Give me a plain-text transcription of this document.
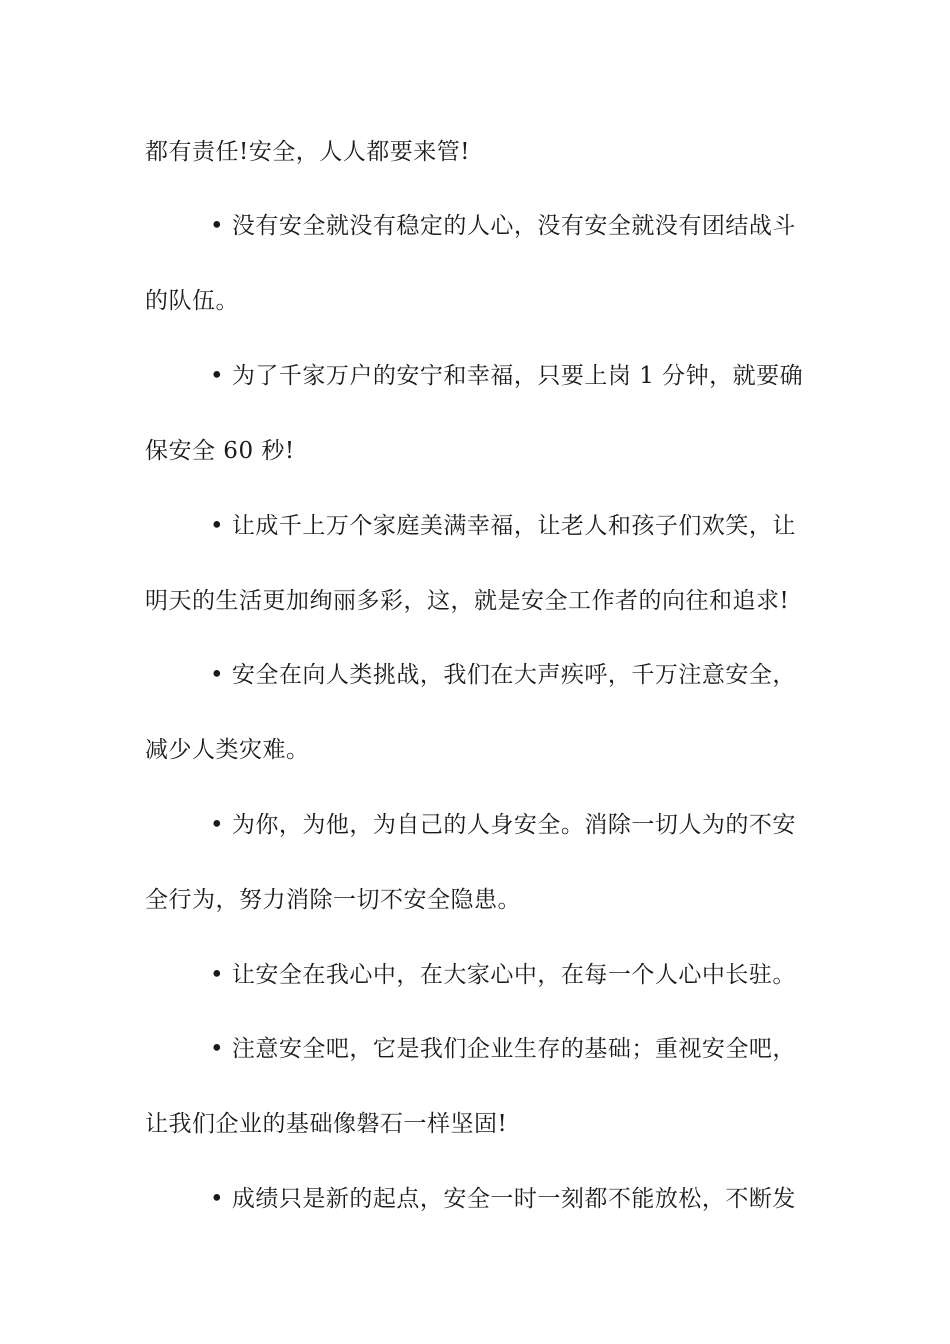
都有责任!安全，人人都要来管!
• 没有安全就没有稳定的人心，没有安全就没有团结战斗
的队伍。
• 为了千家万户的安宁和幸福，只要上岗 1 分钟，就要确
保安全 60 秒!
• 让成千上万个家庭美满幸福，让老人和孩子们欢笑，让
明天的生活更加绚丽多彩，这，就是安全工作者的向往和追求!
• 安全在向人类挑战，我们在大声疾呼，千万注意安全，
减少人类灾难。
• 为你，为他，为自己的人身安全。消除一切人为的不安
全行为，努力消除一切不安全隐患。
• 让安全在我心中，在大家心中，在每一个人心中长驻。
• 注意安全吧，它是我们企业生存的基础；重视安全吧，
让我们企业的基础像磐石一样坚固!
• 成绩只是新的起点，安全一时一刻都不能放松，不断发
